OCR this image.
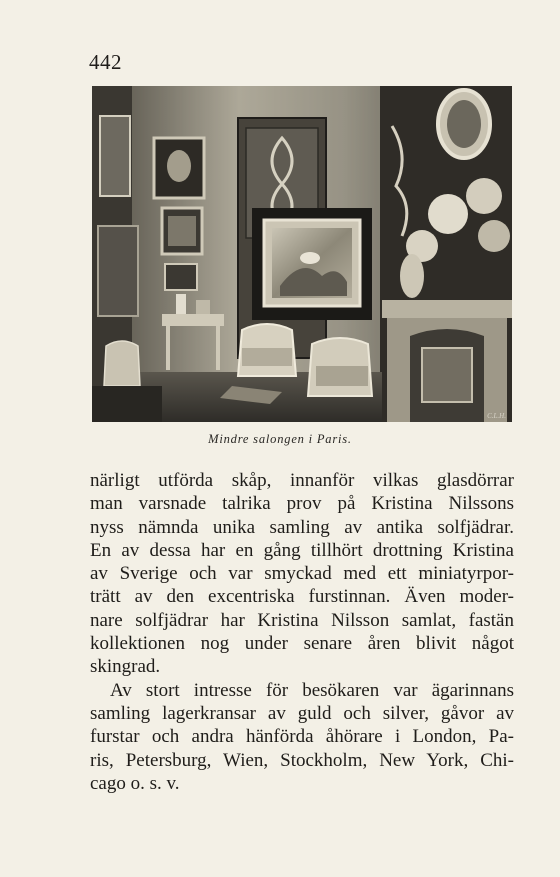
442
C.L.H.
Mindre salongen i Paris.
närligt utförda skåp, innanför vilkas glasdörrar
man varsnade talrika prov på Kristina Nilssons
nyss nämnda unika samling av antika solfjädrar.
En av dessa har en gång tillhört drottning Kristina
av Sverige och var smyckad med ett miniatyrpor-
trätt av den excentriska furstinnan. Även moder-
nare solfjädrar har Kristina Nilsson samlat, fastän
kollektionen nog under senare åren blivit något
skingrad.
Av stort intresse för besökaren var ägarinnans
samling lagerkransar av guld och silver, gåvor av
furstar och andra hänförda åhörare i London, Pa-
ris, Petersburg, Wien, Stockholm, New York, Chi-
cago o. s. v.
